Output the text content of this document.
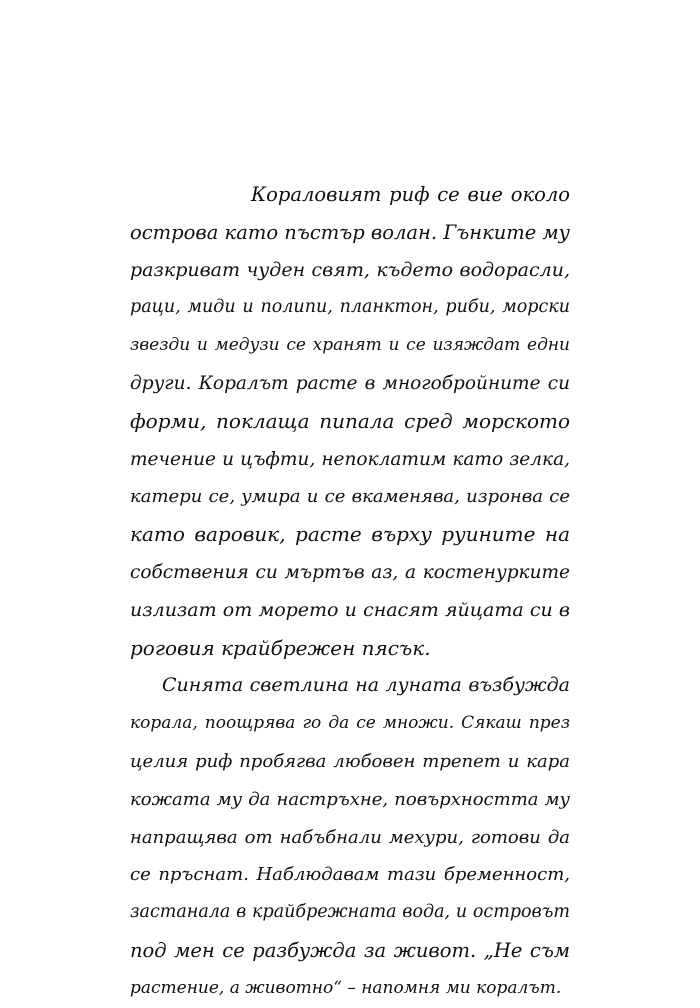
Кораловият риф се вие около
острова като пъстър волан. Гънките му
разкриват чуден свят, където водорасли,
раци, миди и полипи, планктон, риби, морски
звезди и медузи се хранят и се изяждат едни
други. Коралът расте в многобройните си
форми, поклаща пипала сред морското
течение и цъфти, непоклатим като зелка,
катери се, умира и се вкаменява, изронва се
като варовик, расте върху руините на
собствения си мъртъв аз, а костенурките
излизат от морето и снасят яйцата си в
роговия крайбрежен пясък.
Синята светлина на луната възбужда
корала, поощрява го да се множи. Сякаш през
целия риф пробягва любовен трепет и кара
кожата му да настръхне, повърхността му
напращява от набъбнали мехури, готови да
се пръснат. Наблюдавам тази бременност,
застанала в крайбрежната вода, и островът
под мен се разбужда за живот. „Не съм
растение, а животно“ – напомня ми коралът.
